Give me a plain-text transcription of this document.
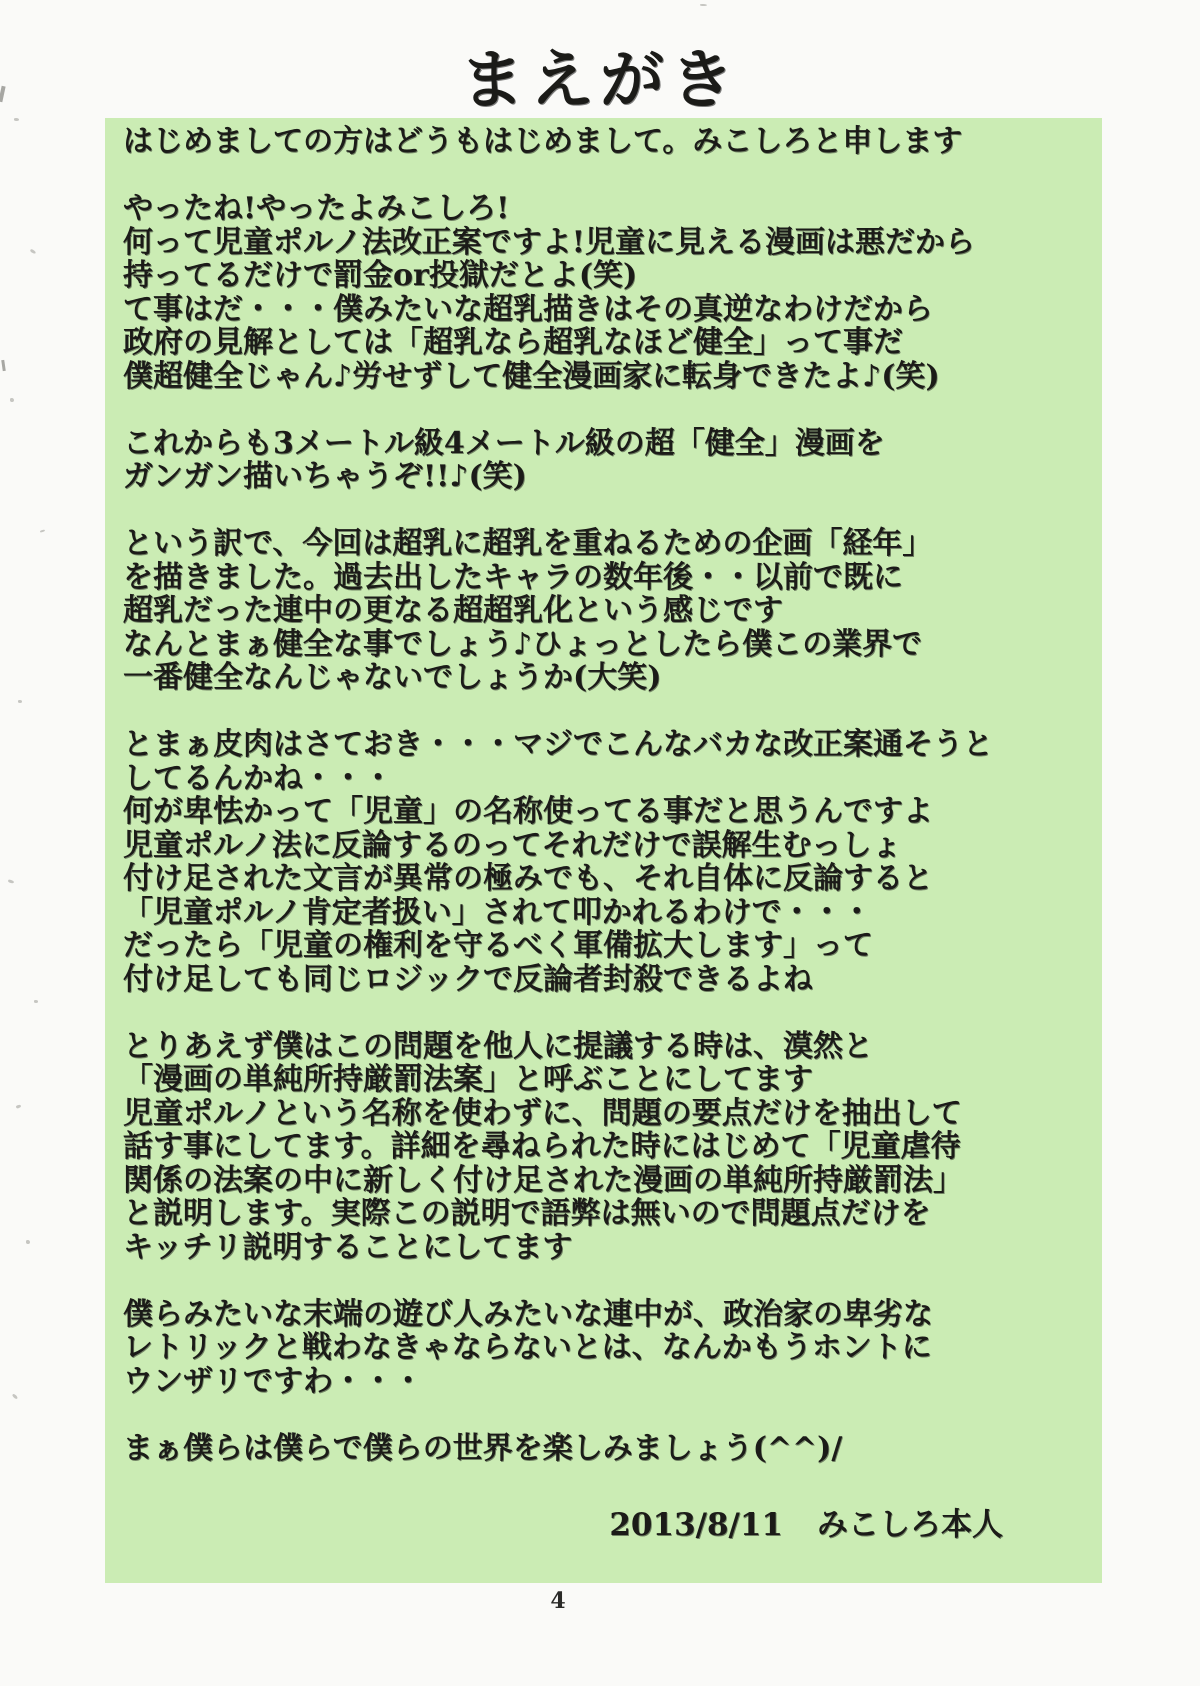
まえがき
はじめましての方はどうもはじめまして。みこしろと申します
やったね!やったよみこしろ!
何って児童ポルノ法改正案ですよ!児童に見える漫画は悪だから
持ってるだけで罰金or投獄だとよ(笑)
て事はだ・・・僕みたいな超乳描きはその真逆なわけだから
政府の見解としては「超乳なら超乳なほど健全」って事だ
僕超健全じゃん♪労せずして健全漫画家に転身できたよ♪(笑)
これからも3メートル級4メートル級の超「健全」漫画を
ガンガン描いちゃうぞ!!♪(笑)
という訳で、今回は超乳に超乳を重ねるための企画「経年」
を描きました。過去出したキャラの数年後・・以前で既に
超乳だった連中の更なる超超乳化という感じです
なんとまぁ健全な事でしょう♪ひょっとしたら僕この業界で
一番健全なんじゃないでしょうか(大笑)
とまぁ皮肉はさておき・・・マジでこんなバカな改正案通そうと
してるんかね・・・
何が卑怯かって「児童」の名称使ってる事だと思うんですよ
児童ポルノ法に反論するのってそれだけで誤解生むっしょ
付け足された文言が異常の極みでも、それ自体に反論すると
「児童ポルノ肯定者扱い」されて叩かれるわけで・・・
だったら「児童の権利を守るべく軍備拡大します」って
付け足しても同じロジックで反論者封殺できるよね
とりあえず僕はこの問題を他人に提議する時は、漠然と
「漫画の単純所持厳罰法案」と呼ぶことにしてます
児童ポルノという名称を使わずに、問題の要点だけを抽出して
話す事にしてます。詳細を尋ねられた時にはじめて「児童虐待
関係の法案の中に新しく付け足された漫画の単純所持厳罰法」
と説明します。実際この説明で語弊は無いので問題点だけを
キッチリ説明することにしてます
僕らみたいな末端の遊び人みたいな連中が、政治家の卑劣な
レトリックと戦わなきゃならないとは、なんかもうホントに
ウンザリですわ・・・
まぁ僕らは僕らで僕らの世界を楽しみましょう(^^)/
2013/8/11 みこしろ本人
4
